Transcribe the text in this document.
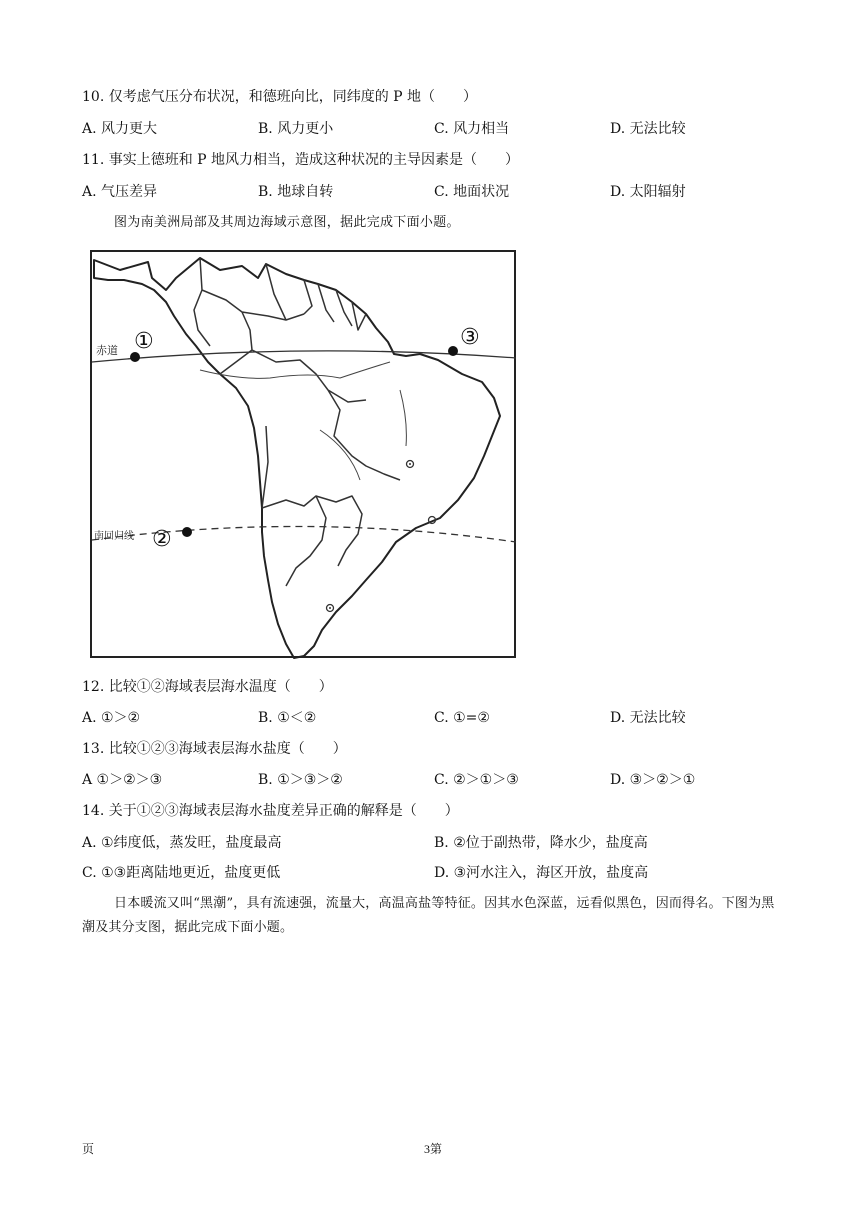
10. 仅考虑气压分布状况，和德班向比，同纬度的 P 地（　　）
A. 风力更大	B. 风力更小	C. 风力相当	D. 无法比较
11. 事实上德班和 P 地风力相当，造成这种状况的主导因素是（　　）
A. 气压差异	B. 地球自转	C. 地面状况	D. 太阳辐射
图为南美洲局部及其周边海域示意图，据此完成下面小题。
赤道
南回归线
①
②
③
12. 比较①②海域表层海水温度（　　）
A. ①＞②	B. ①＜②	C. ①=②	D. 无法比较
13. 比较①②③海域表层海水盐度（　　）
A ①＞②＞③	B. ①＞③＞②	C. ②＞①＞③	D. ③＞②＞①
14. 关于①②③海域表层海水盐度差异正确的解释是（　　）
A. ①纬度低，蒸发旺，盐度最高	B. ②位于副热带，降水少，盐度高
C. ①③距离陆地更近，盐度更低	D. ③河水注入，海区开放，盐度高
日本暖流又叫“黑潮”，具有流速强，流量大，高温高盐等特征。因其水色深蓝，远看似黑色，因而得名。下图为黑潮及其分支图，据此完成下面小题。
页	3第
